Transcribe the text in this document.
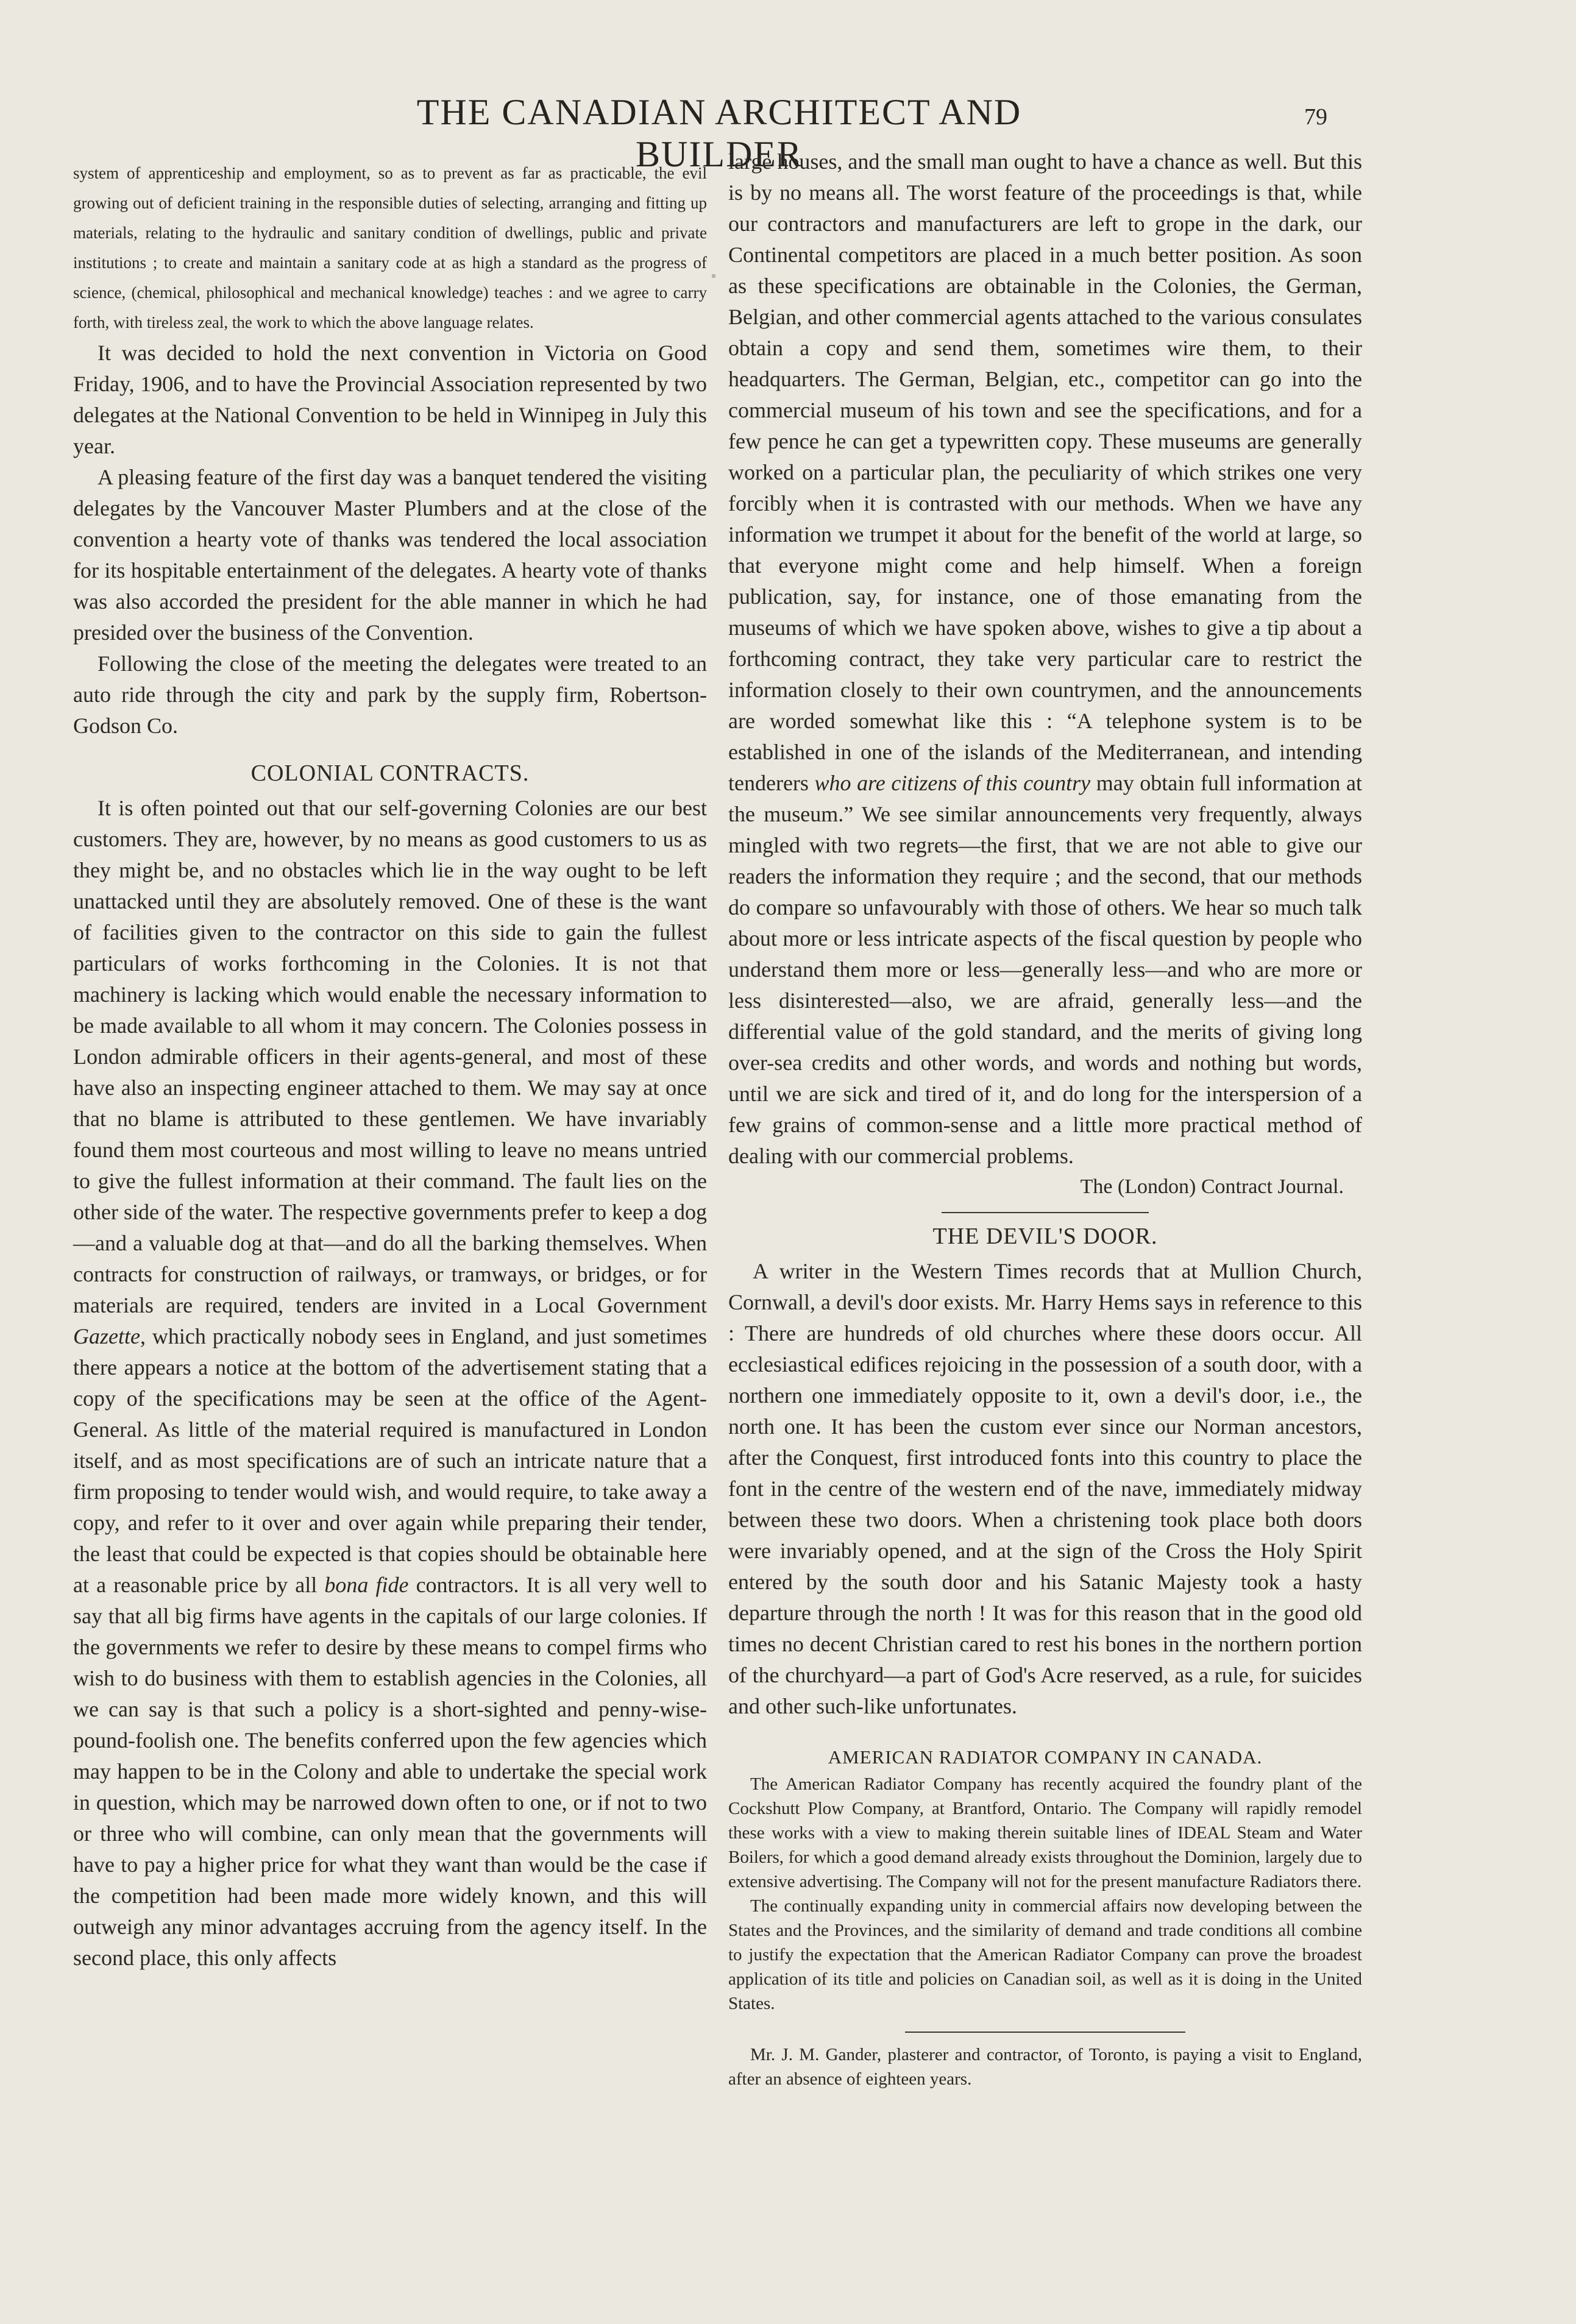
THE CANADIAN ARCHITECT AND BUILDER
79

system of apprenticeship and employment, so as to prevent as far as practicable, the evil growing out of deficient training in the responsible duties of selecting, arranging and fitting up materials, relating to the hydraulic and sanitary condition of dwellings, public and private institutions ; to create and maintain a sanitary code at as high a standard as the progress of science, (chemical, philosophical and mechanical knowledge) teaches : and we agree to carry forth, with tireless zeal, the work to which the above language relates.

It was decided to hold the next convention in Victoria on Good Friday, 1906, and to have the Provincial Association represented by two delegates at the National Convention to be held in Winnipeg in July this year.

A pleasing feature of the first day was a banquet tendered the visiting delegates by the Vancouver Master Plumbers and at the close of the convention a hearty vote of thanks was tendered the local association for its hospitable entertainment of the delegates. A hearty vote of thanks was also accorded the president for the able manner in which he had presided over the business of the Convention.

Following the close of the meeting the delegates were treated to an auto ride through the city and park by the supply firm, Robertson-Godson Co.

COLONIAL CONTRACTS.

It is often pointed out that our self-governing Colonies are our best customers. They are, however, by no means as good customers to us as they might be, and no obstacles which lie in the way ought to be left unattacked until they are absolutely removed. One of these is the want of facilities given to the contractor on this side to gain the fullest particulars of works forthcoming in the Colonies. It is not that machinery is lacking which would enable the necessary information to be made available to all whom it may concern. The Colonies possess in London admirable officers in their agents-general, and most of these have also an inspecting engineer attached to them. We may say at once that no blame is attributed to these gentlemen. We have invariably found them most courteous and most willing to leave no means untried to give the fullest information at their command. The fault lies on the other side of the water. The respective governments prefer to keep a dog—and a valuable dog at that—and do all the barking themselves. When contracts for construction of railways, or tramways, or bridges, or for materials are required, tenders are invited in a Local Government Gazette, which practically nobody sees in England, and just sometimes there appears a notice at the bottom of the advertisement stating that a copy of the specifications may be seen at the office of the Agent-General. As little of the material required is manufactured in London itself, and as most specifications are of such an intricate nature that a firm proposing to tender would wish, and would require, to take away a copy, and refer to it over and over again while preparing their tender, the least that could be expected is that copies should be obtainable here at a reasonable price by all bona fide contractors. It is all very well to say that all big firms have agents in the capitals of our large colonies. If the governments we refer to desire by these means to compel firms who wish to do business with them to establish agencies in the Colonies, all we can say is that such a policy is a short-sighted and penny-wise-pound-foolish one. The benefits conferred upon the few agencies which may happen to be in the Colony and able to undertake the special work in question, which may be narrowed down often to one, or if not to two or three who will combine, can only mean that the governments will have to pay a higher price for what they want than would be the case if the competition had been made more widely known, and this will outweigh any minor advantages accruing from the agency itself. In the second place, this only affects

large houses, and the small man ought to have a chance as well. But this is by no means all. The worst feature of the proceedings is that, while our contractors and manufacturers are left to grope in the dark, our Continental competitors are placed in a much better position. As soon as these specifications are obtainable in the Colonies, the German, Belgian, and other commercial agents attached to the various consulates obtain a copy and send them, sometimes wire them, to their headquarters. The German, Belgian, etc., competitor can go into the commercial museum of his town and see the specifications, and for a few pence he can get a typewritten copy. These museums are generally worked on a particular plan, the peculiarity of which strikes one very forcibly when it is contrasted with our methods. When we have any information we trumpet it about for the benefit of the world at large, so that everyone might come and help himself. When a foreign publication, say, for instance, one of those emanating from the museums of which we have spoken above, wishes to give a tip about a forthcoming contract, they take very particular care to restrict the information closely to their own countrymen, and the announcements are worded somewhat like this : “A telephone system is to be established in one of the islands of the Mediterranean, and intending tenderers who are citizens of this country may obtain full information at the museum.” We see similar announcements very frequently, always mingled with two regrets—the first, that we are not able to give our readers the information they require ; and the second, that our methods do compare so unfavourably with those of others. We hear so much talk about more or less intricate aspects of the fiscal question by people who understand them more or less—generally less—and who are more or less disinterested—also, we are afraid, generally less—and the differential value of the gold standard, and the merits of giving long over-sea credits and other words, and words and nothing but words, until we are sick and tired of it, and do long for the interspersion of a few grains of common-sense and a little more practical method of dealing with our commercial problems.

The (London) Contract Journal.

THE DEVIL'S DOOR.

A writer in the Western Times records that at Mullion Church, Cornwall, a devil's door exists. Mr. Harry Hems says in reference to this : There are hundreds of old churches where these doors occur. All ecclesiastical edifices rejoicing in the possession of a south door, with a northern one immediately opposite to it, own a devil's door, i.e., the north one. It has been the custom ever since our Norman ancestors, after the Conquest, first introduced fonts into this country to place the font in the centre of the western end of the nave, immediately midway between these two doors. When a christening took place both doors were invariably opened, and at the sign of the Cross the Holy Spirit entered by the south door and his Satanic Majesty took a hasty departure through the north ! It was for this reason that in the good old times no decent Christian cared to rest his bones in the northern portion of the churchyard—a part of God's Acre reserved, as a rule, for suicides and other such-like unfortunates.

AMERICAN RADIATOR COMPANY IN CANADA.

The American Radiator Company has recently acquired the foundry plant of the Cockshutt Plow Company, at Brantford, Ontario. The Company will rapidly remodel these works with a view to making therein suitable lines of IDEAL Steam and Water Boilers, for which a good demand already exists throughout the Dominion, largely due to extensive advertising. The Company will not for the present manufacture Radiators there.

The continually expanding unity in commercial affairs now developing between the States and the Provinces, and the similarity of demand and trade conditions all combine to justify the expectation that the American Radiator Company can prove the broadest application of its title and policies on Canadian soil, as well as it is doing in the United States.

Mr. J. M. Gander, plasterer and contractor, of Toronto, is paying a visit to England, after an absence of eighteen years.
